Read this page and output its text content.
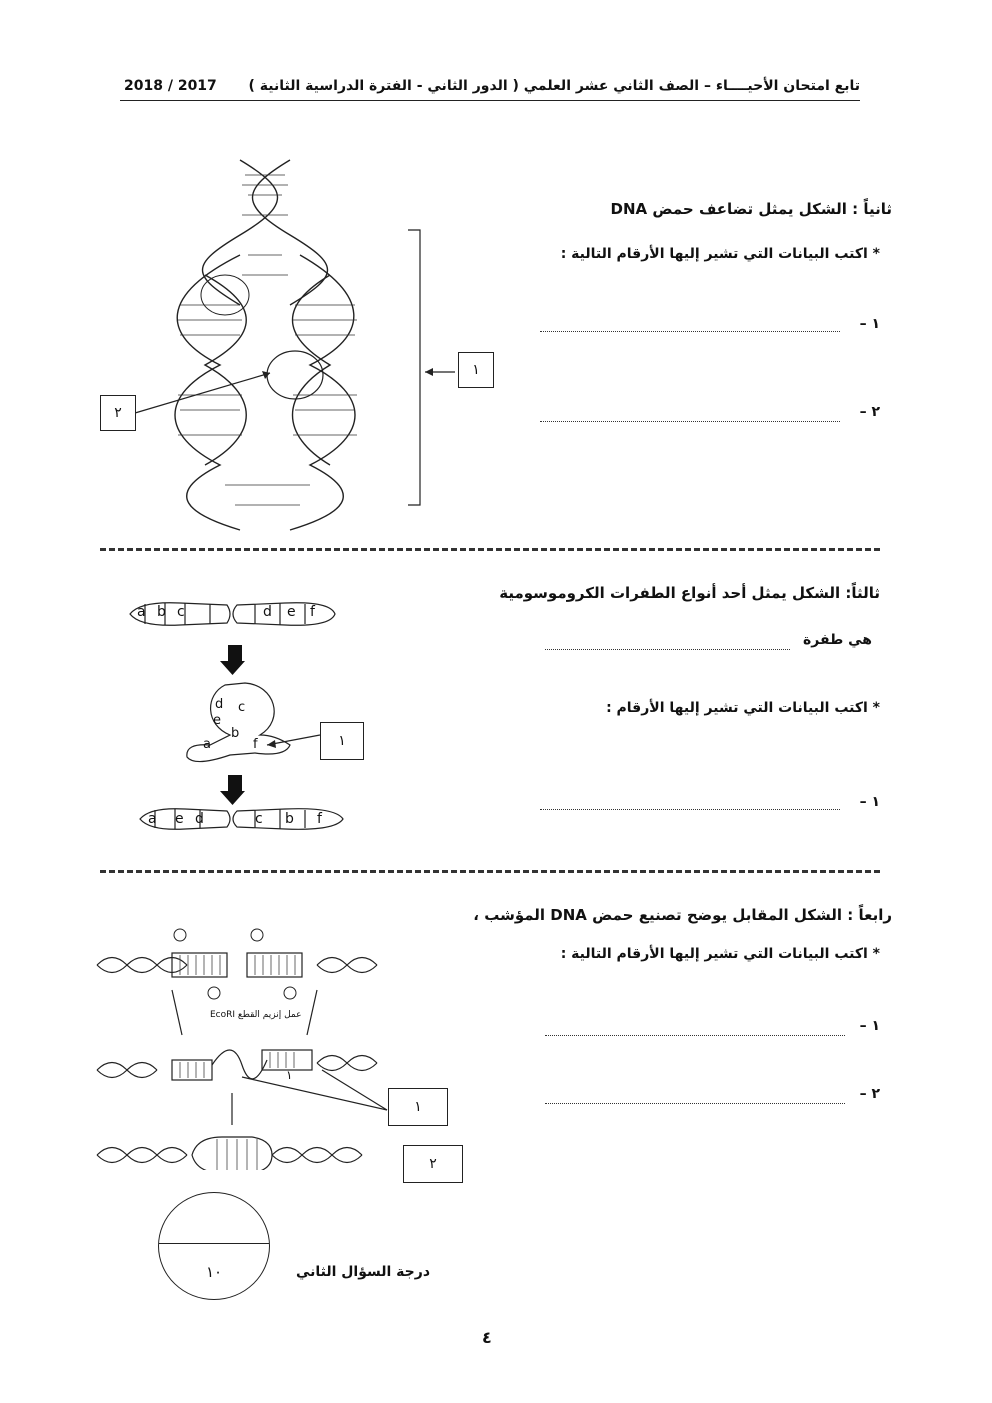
تابع امتحان الأحيــــاء – الصف الثاني عشر العلمي ( الدور الثاني - الفترة الدراسية الثانية )
2018 / 2017
ثانياً : الشكل يمثل تضاعف حمض DNA
* اكتب البيانات التي تشير إليها الأرقام التالية :
١ –
٢ –
١
٢
ثالثاً: الشكل يمثل أحد أنواع الطفرات الكروموسومية
هي طفرة
* اكتب البيانات التي تشير إليها الأرقام :
١ –
a b c	d e f
d c
e
b
a	f
a e d	c b f
١
رابعاً : الشكل المقابل يوضح تصنيع حمض DNA المؤشب ،
* اكتب البيانات التي تشير إليها الأرقام التالية :
١ –
٢ –
عمل إنزيم القطع EcoRI
١
١
٢
١٠	درجة السؤال الثاني
٤
